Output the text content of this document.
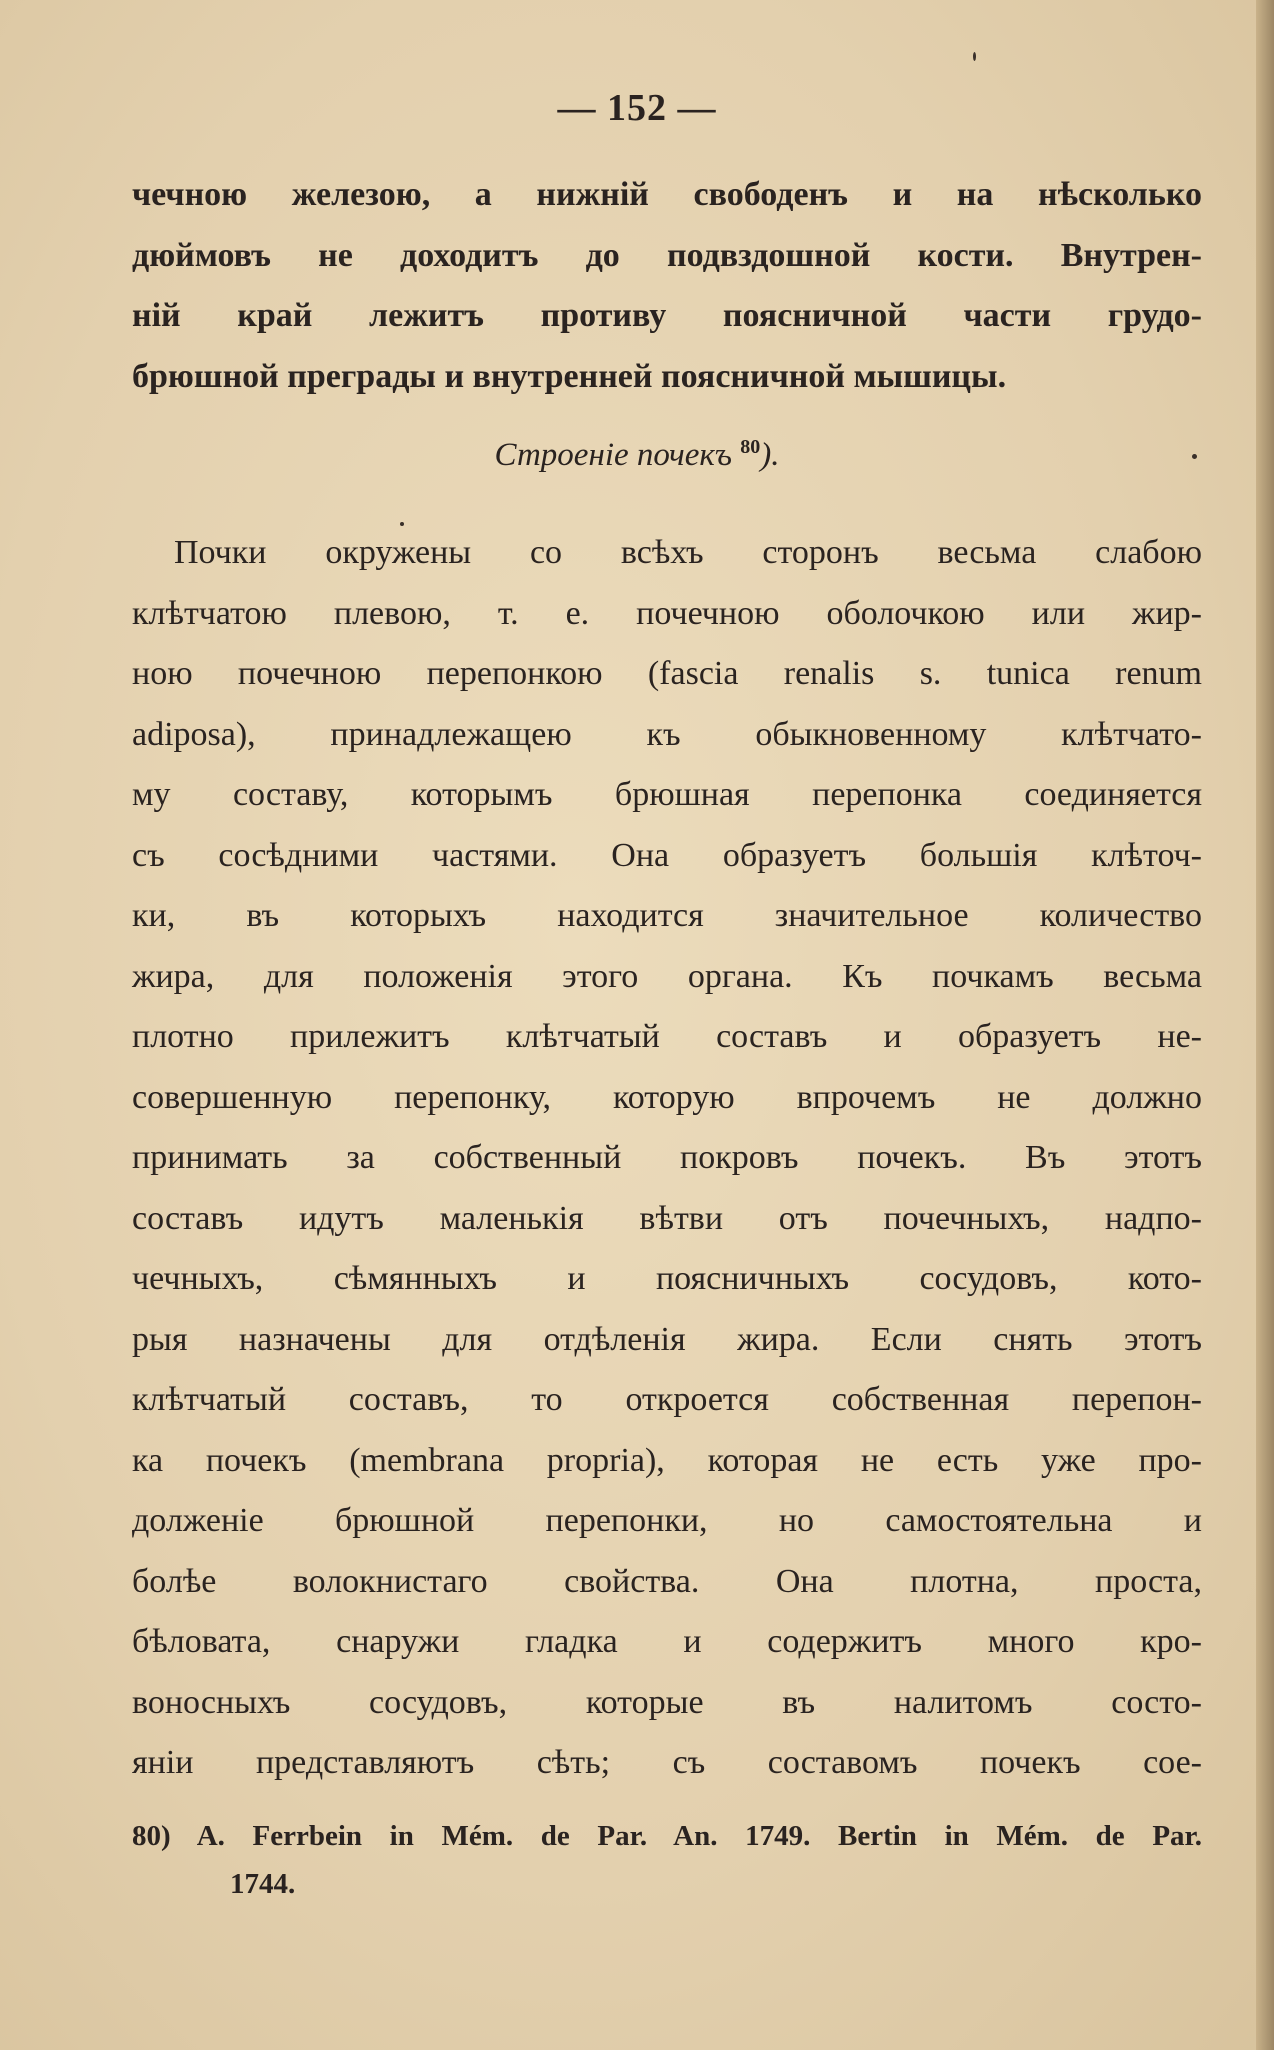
— 152 —
чечною железою, а нижній свободенъ и на нѣсколько
дюймовъ не доходитъ до подвздошной кости. Внутрен-
ній край лежитъ противу поясничной части грудо-
брюшной преграды и внутренней поясничной мышицы.
Строеніе почекъ $^{80}$).
Почки окружены со всѣхъ сторонъ весьма слабою
клѣтчатою плевою, т. е. почечною оболочкою или жир-
ною почечною перепонкою (fascia renalis s. tunica renum
adiposa), принадлежащею къ обыкновенному клѣтчато-
му составу, которымъ брюшная перепонка соединяется
съ сосѣдними частями. Она образуетъ большія клѣточ-
ки, въ которыхъ находится значительное количество
жира, для положенія этого органа. Къ почкамъ весьма
плотно прилежитъ клѣтчатый составъ и образуетъ не-
совершенную перепонку, которую впрочемъ не должно
принимать за собственный покровъ почекъ. Въ этотъ
составъ идутъ маленькія вѣтви отъ почечныхъ, надпо-
чечныхъ, сѣмянныхъ и поясничныхъ сосудовъ, кото-
рыя назначены для отдѣленія жира. Если снять этотъ
клѣтчатый составъ, то откроется собственная перепон-
ка почекъ (membrana propria), которая не есть уже про-
долженіе брюшной перепонки, но самостоятельна и
болѣе волокнистаго свойства. Она плотна, проста,
бѣловата, снаружи гладка и содержитъ много кро-
воносныхъ сосудовъ, которые въ налитомъ состо-
яніи представляютъ сѣть; съ составомъ почекъ сое-
80) A. Ferrbein in Mém. de Par. An. 1749. Bertin in Mém. de Par.
1744.
